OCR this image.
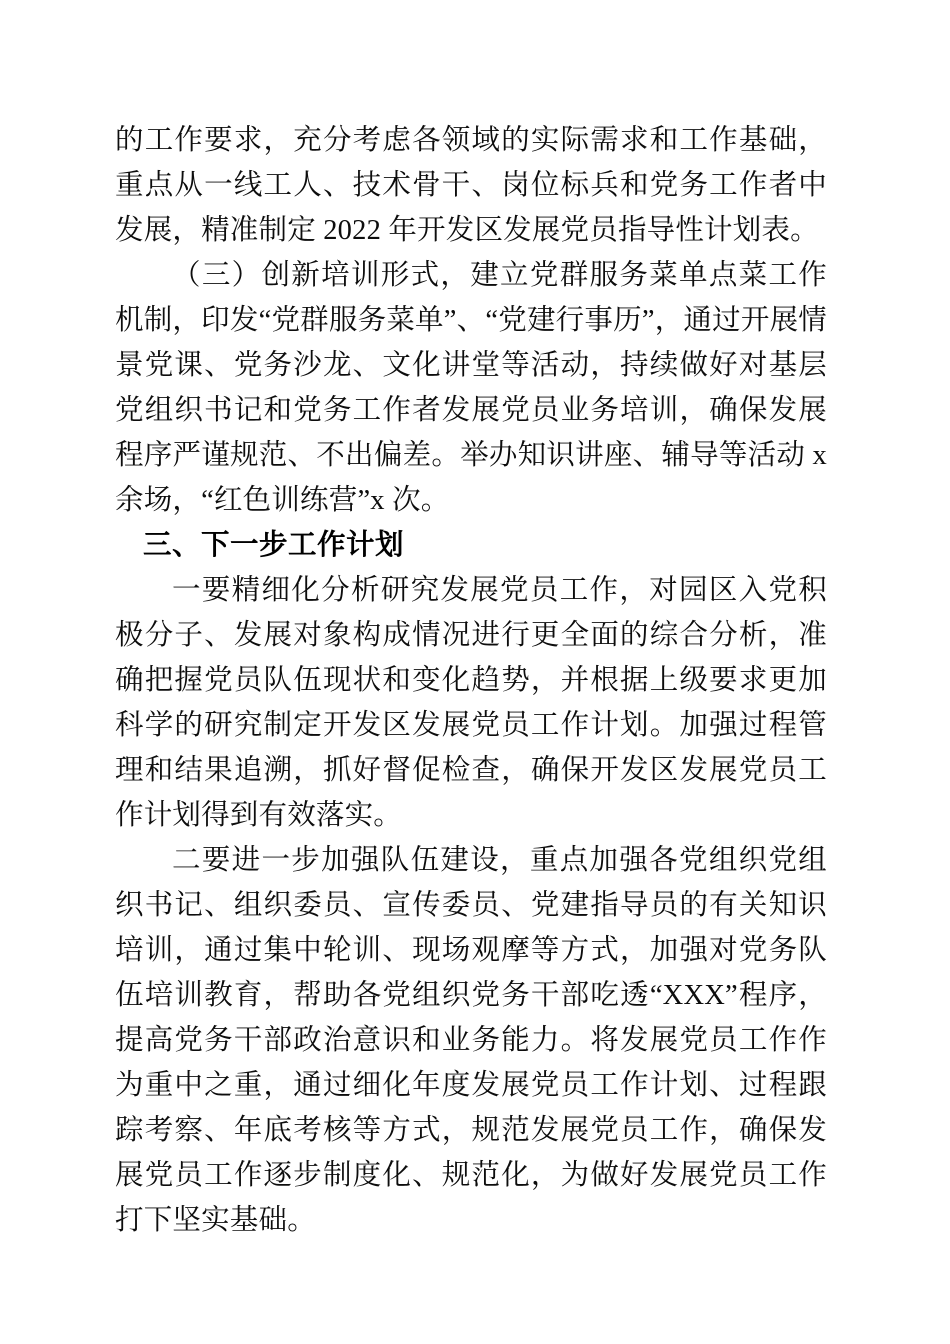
的工作要求，充分考虑各领域的实际需求和工作基础，重点从一线工人、技术骨干、岗位标兵和党务工作者中发展，精准制定 2022 年开发区发展党员指导性计划表。

（三）创新培训形式，建立党群服务菜单点菜工作机制，印发“党群服务菜单”、“党建行事历”，通过开展情景党课、党务沙龙、文化讲堂等活动，持续做好对基层党组织书记和党务工作者发展党员业务培训，确保发展程序严谨规范、不出偏差。举办知识讲座、辅导等活动 x 余场，“红色训练营”x 次。

三、下一步工作计划

一要精细化分析研究发展党员工作，对园区入党积极分子、发展对象构成情况进行更全面的综合分析，准确把握党员队伍现状和变化趋势，并根据上级要求更加科学的研究制定开发区发展党员工作计划。加强过程管理和结果追溯，抓好督促检查，确保开发区发展党员工作计划得到有效落实。

二要进一步加强队伍建设，重点加强各党组织党组织书记、组织委员、宣传委员、党建指导员的有关知识培训，通过集中轮训、现场观摩等方式，加强对党务队伍培训教育，帮助各党组织党务干部吃透“XXX”程序，提高党务干部政治意识和业务能力。将发展党员工作作为重中之重，通过细化年度发展党员工作计划、过程跟踪考察、年底考核等方式，规范发展党员工作，确保发展党员工作逐步制度化、规范化，为做好发展党员工作打下坚实基础。
